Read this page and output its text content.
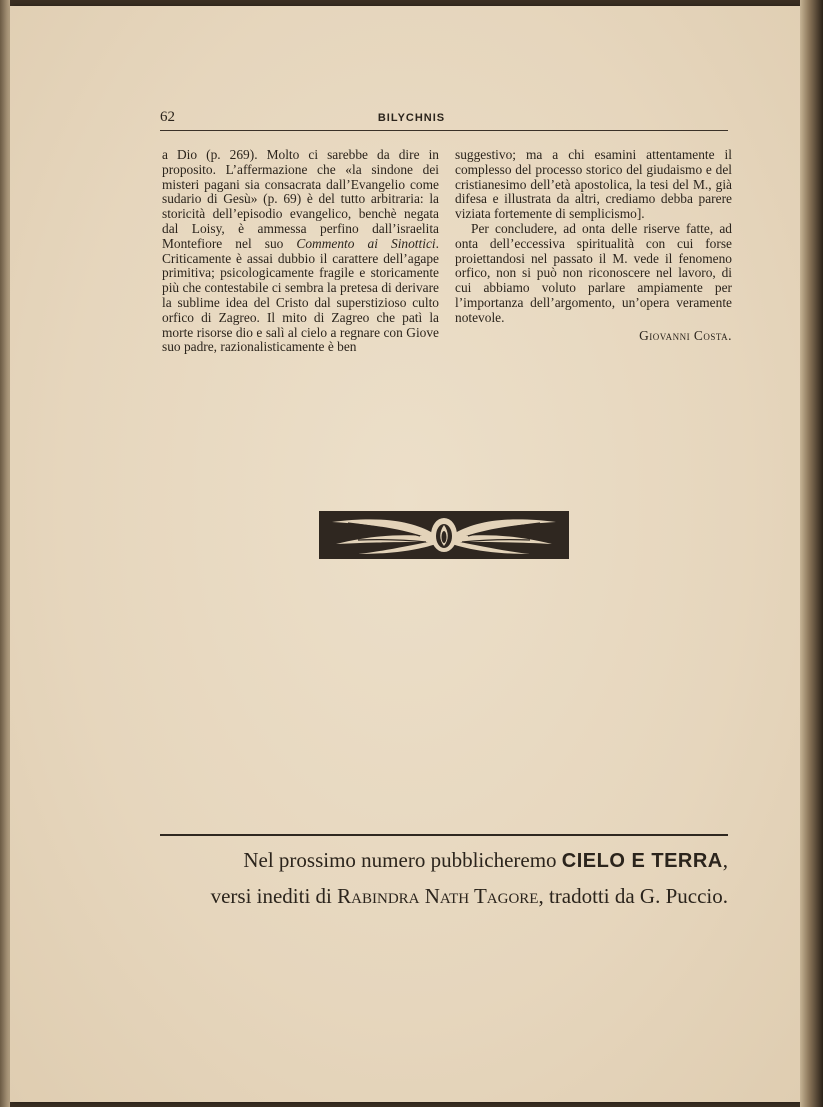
62	BILYCHNIS

a Dio (p. 269). Molto ci sarebbe da dire in proposito. L’affermazione che «la sindone dei misteri pagani sia consacrata dall’Evangelio come sudario di Gesù» (p. 69) è del tutto arbitraria: la storicità dell’episodio evangelico, benchè negata dal Loisy, è ammessa perfino dall’israelita Montefiore nel suo Commento ai Sinottici. Criticamente è assai dubbio il carattere dell’agape primitiva; psicologicamente fragile e storicamente più che contestabile ci sembra la pretesa di derivare la sublime idea del Cristo dal superstizioso culto orfico di Zagreo. Il mito di Zagreo che patì la morte risorse dio e salì al cielo a regnare con Giove suo padre, razionalisticamente è ben

suggestivo; ma a chi esamini attentamente il complesso del processo storico del giudaismo e del cristianesimo dell’età apostolica, la tesi del M., già difesa e illustrata da altri, crediamo debba parere viziata fortemente di semplicismo].

Per concludere, ad onta delle riserve fatte, ad onta dell’eccessiva spiritualità con cui forse proiettandosi nel passato il M. vede il fenomeno orfico, non si può non riconoscere nel lavoro, di cui abbiamo voluto parlare ampiamente per l’importanza dell’argomento, un’opera veramente notevole.

Giovanni Costa.

Nel prossimo numero pubblicheremo CIELO E TERRA,
versi inediti di Rabindra Nath Tagore, tradotti da G. Puccio.
